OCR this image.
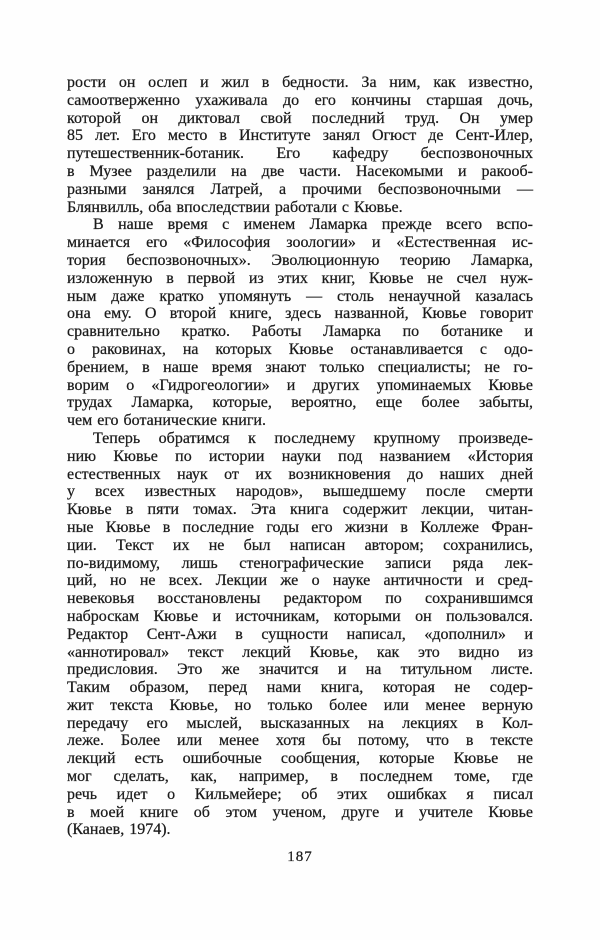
рости он ослеп и жил в бедности. За ним, как известно,
самоотверженно ухаживала до его кончины старшая дочь,
которой он диктовал свой последний труд. Он умер
85 лет. Его место в Институте занял Огюст де Сент-Илер,
путешественник-ботаник. Его кафедру беспозвоночных
в Музее разделили на две части. Насекомыми и ракооб-
разными занялся Латрей, а прочими беспозвоночными —
Блянвилль, оба впоследствии работали с Кювье.
В наше время с именем Ламарка прежде всего вспо-
минается его «Философия зоологии» и «Естественная ис-
тория беспозвоночных». Эволюционную теорию Ламарка,
изложенную в первой из этих книг, Кювье не счел нуж-
ным даже кратко упомянуть — столь ненаучной казалась
она ему. О второй книге, здесь названной, Кювье говорит
сравнительно кратко. Работы Ламарка по ботанике и
о раковинах, на которых Кювье останавливается с одо-
брением, в наше время знают только специалисты; не го-
ворим о «Гидрогеологии» и других упоминаемых Кювье
трудах Ламарка, которые, вероятно, еще более забыты,
чем его ботанические книги.
Теперь обратимся к последнему крупному произведе-
нию Кювье по истории науки под названием «История
естественных наук от их возникновения до наших дней
у всех известных народов», вышедшему после смерти
Кювье в пяти томах. Эта книга содержит лекции, читан-
ные Кювье в последние годы его жизни в Коллеже Фран-
ции. Текст их не был написан автором; сохранились,
по-видимому, лишь стенографические записи ряда лек-
ций, но не всех. Лекции же о науке античности и сред-
невековья восстановлены редактором по сохранившимся
наброскам Кювье и источникам, которыми он пользовался.
Редактор Сент-Ажи в сущности написал, «дополнил» и
«аннотировал» текст лекций Кювье, как это видно из
предисловия. Это же значится и на титульном листе.
Таким образом, перед нами книга, которая не содер-
жит текста Кювье, но только более или менее верную
передачу его мыслей, высказанных на лекциях в Кол-
леже. Более или менее хотя бы потому, что в тексте
лекций есть ошибочные сообщения, которые Кювье не
мог сделать, как, например, в последнем томе, где
речь идет о Кильмейере; об этих ошибках я писал
в моей книге об этом ученом, друге и учителе Кювье
(Канаев, 1974).
187
